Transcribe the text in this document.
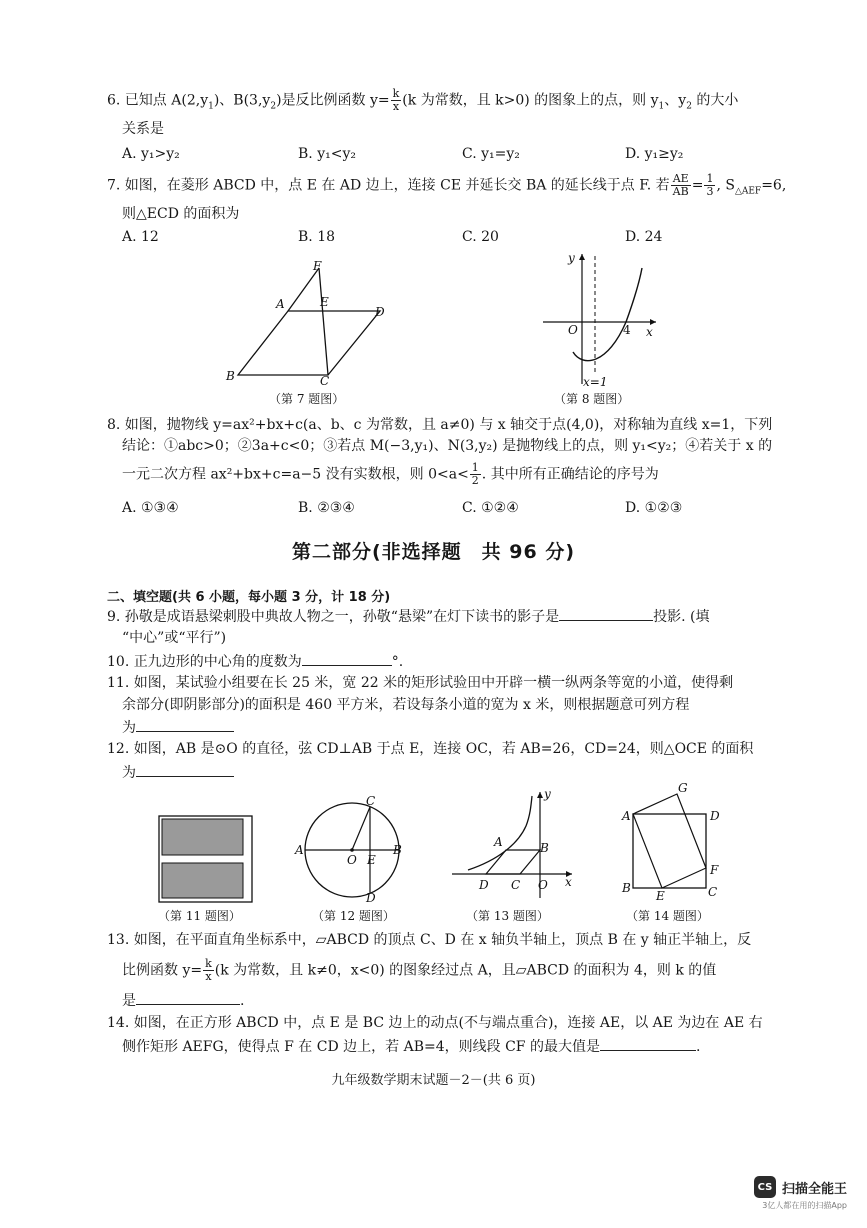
6. 已知点 $A(2,y_1)$、$B(3,y_2)$是反比例函数 $y= \frac{k}{x} (k$ 为常数，且 k>0) 的图象上的点，则 $y_1$、$y_2$ 的大小
关系是
A. y₁>y₂	B. y₁<y₂	C. y₁=y₂	D. y₁≥y₂
7. 如图，在菱形 ABCD 中，点 E 在 AD 边上，连接 CE 并延长交 BA 的延长线于点 F. 若 $\frac{AE}{AB} = \frac{1}{3}$ , $S_{\triangle AEF}=6$,
则△ECD 的面积为
A. 12	B. 18	C. 20	D. 24
F
A	E
D
B	C
（第 7 题图）
y
x
O	4
x=1
（第 8 题图）
8. 如图，抛物线 y=ax²+bx+c(a、b、c 为常数，且 a≠0) 与 x 轴交于点(4,0)，对称轴为直线 x=1，下列
结论：①abc>0；②3a+c<0；③若点 M(−3,y₁)、N(3,y₂) 是抛物线上的点，则 y₁<y₂；④若关于 x 的
一元二次方程 ax²+bx+c=a−5 没有实数根，则 $0<a< \frac{1}{2}$ . 其中所有正确结论的序号为
A. ①③④	B. ②③④	C. ①②④	D. ①②③
第二部分(非选择题　共 96 分)
二、填空题(共 6 小题，每小题 3 分，计 18 分)
9. 孙敬是成语悬梁刺股中典故人物之一，孙敬“悬梁”在灯下读书的影子是	投影. (填
“中心”或“平行”)
10. 正九边形的中心角的度数为	°.
11. 如图，某试验小组要在长 25 米，宽 22 米的矩形试验田中开辟一横一纵两条等宽的小道，使得剩
余部分(即阴影部分)的面积是 460 平方米，若设每条小道的宽为 x 米，则根据题意可列方程
为
12. 如图，AB 是⊙O 的直径，弦 CD⊥AB 于点 E，连接 OC，若 AB=26，CD=24，则△OCE 的面积
为
（第 11 题图）
C
A	B
O E
D
（第 12 题图）
y
x
A	B
D C O
（第 13 题图）
G
A	D
F
B
E	C
（第 14 题图）
13. 如图，在平面直角坐标系中，▱ABCD 的顶点 C、D 在 x 轴负半轴上，顶点 B 在 y 轴正半轴上，反
比例函数 $y= \frac{k}{x} (k$ 为常数，且 k≠0，x<0) 的图象经过点 A，且▱ABCD 的面积为 4，则 k 的值
是	.
14. 如图，在正方形 ABCD 中，点 E 是 BC 边上的动点(不与端点重合)，连接 AE，以 AE 为边在 AE 右
侧作矩形 AEFG，使得点 F 在 CD 边上，若 AB=4，则线段 CF 的最大值是	.
九年级数学期末试题－2－(共 6 页)
CS 扫描全能王
3亿人都在用的扫描App
